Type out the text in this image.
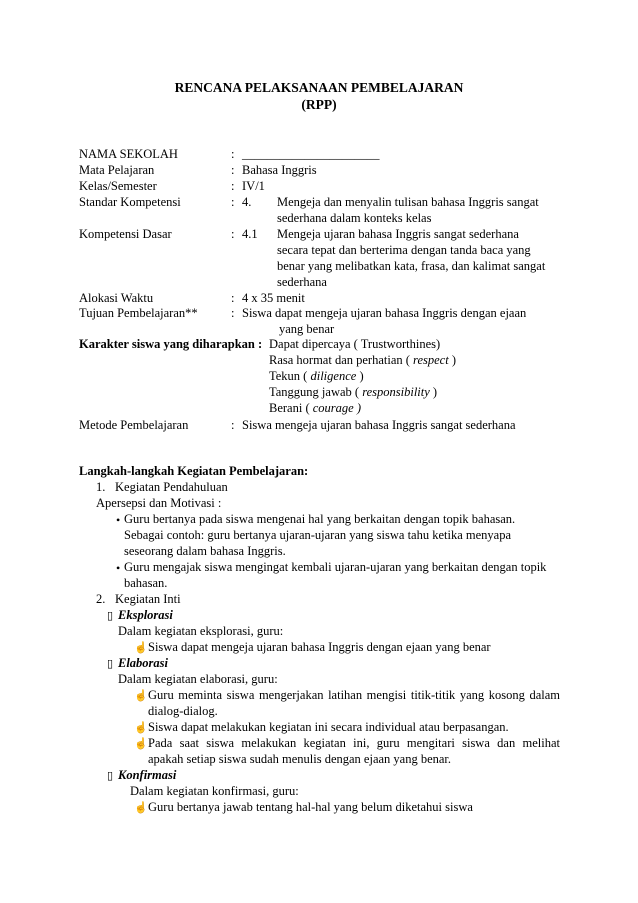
RENCANA PELAKSANAAN PEMBELAJARAN
(RPP)
NAMA SEKOLAH	: ______________________
Mata Pelajaran	: Bahasa Inggris
Kelas/Semester	: IV/1
Standar Kompetensi	: 4. Mengeja dan menyalin tulisan bahasa Inggris sangat
sederhana dalam konteks kelas
Kompetensi Dasar	: 4.1 Mengeja ujaran bahasa Inggris sangat sederhana
secara tepat dan berterima dengan tanda baca yang
benar yang melibatkan kata, frasa, dan kalimat sangat
sederhana
Alokasi Waktu	: 4 x 35 menit
Tujuan Pembelajaran**	: Siswa dapat mengeja ujaran bahasa Inggris dengan ejaan
yang benar
Karakter siswa yang diharapkan : Dapat dipercaya ( Trustworthines)
Rasa hormat dan perhatian ( respect )
Tekun ( diligence )
Tanggung jawab ( responsibility )
Berani ( courage )
Metode Pembelajaran	: Siswa mengeja ujaran bahasa Inggris sangat sederhana
Langkah-langkah Kegiatan Pembelajaran:
1. Kegiatan Pendahuluan
Apersepsi dan Motivasi :
• Guru bertanya pada siswa mengenai hal yang berkaitan dengan topik bahasan.
Sebagai contoh: guru bertanya ujaran-ujaran yang siswa tahu ketika menyapa
seseorang dalam bahasa Inggris.
• Guru mengajak siswa mengingat kembali ujaran-ujaran yang berkaitan dengan topik
bahasan.
2. Kegiatan Inti
▯ Eksplorasi
Dalam kegiatan eksplorasi, guru:
☝ Siswa dapat mengeja ujaran bahasa Inggris dengan ejaan yang benar
▯ Elaborasi
Dalam kegiatan elaborasi, guru:
☝ Guru meminta siswa mengerjakan latihan mengisi titik-titik yang kosong dalam
dialog-dialog.
☝ Siswa dapat melakukan kegiatan ini secara individual atau berpasangan.
☝ Pada saat siswa melakukan kegiatan ini, guru mengitari siswa dan melihat
apakah setiap siswa sudah menulis dengan ejaan yang benar.
▯ Konfirmasi
Dalam kegiatan konfirmasi, guru:
☝ Guru bertanya jawab tentang hal-hal yang belum diketahui siswa
